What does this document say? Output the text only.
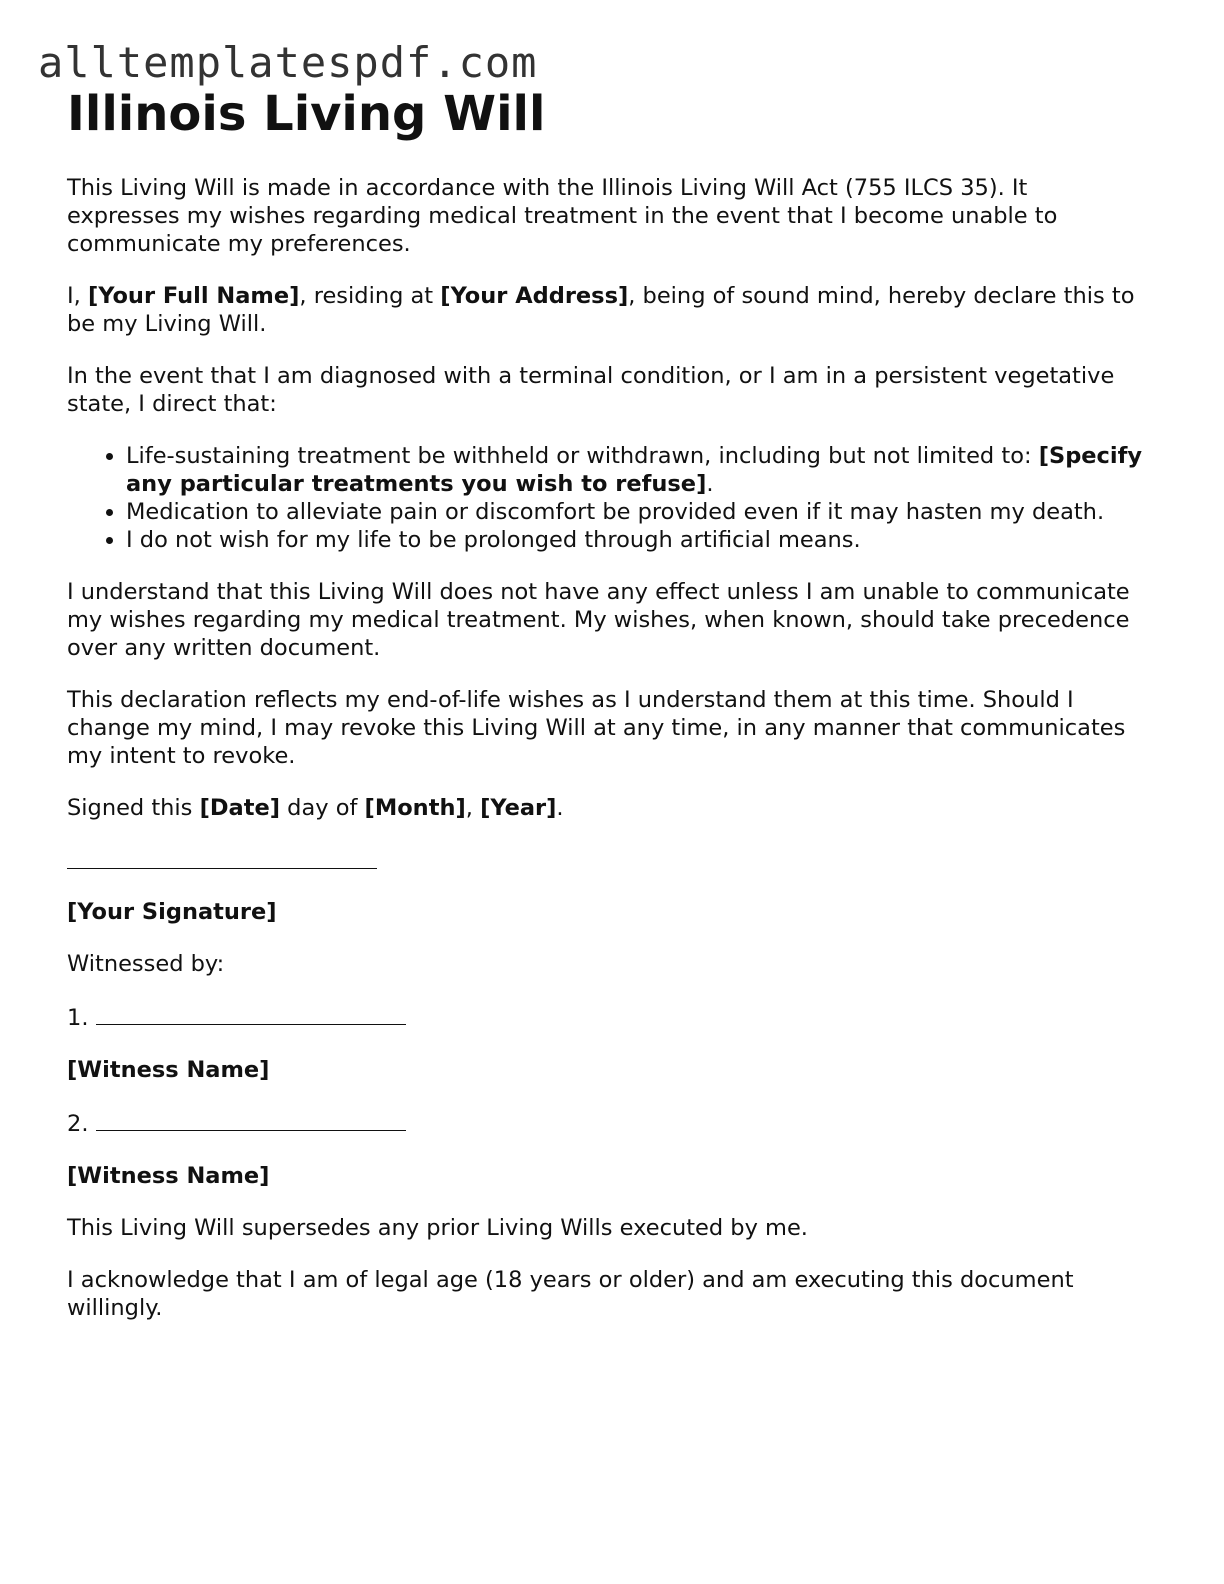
alltemplatespdf.com
Illinois Living Will

This Living Will is made in accordance with the Illinois Living Will Act (755 ILCS 35). It expresses my wishes regarding medical treatment in the event that I become unable to communicate my preferences.

I, [Your Full Name], residing at [Your Address], being of sound mind, hereby declare this to be my Living Will.

In the event that I am diagnosed with a terminal condition, or I am in a persistent vegetative state, I direct that:

• Life-sustaining treatment be withheld or withdrawn, including but not limited to: [Specify any particular treatments you wish to refuse].
• Medication to alleviate pain or discomfort be provided even if it may hasten my death.
• I do not wish for my life to be prolonged through artificial means.

I understand that this Living Will does not have any effect unless I am unable to communicate my wishes regarding my medical treatment. My wishes, when known, should take precedence over any written document.

This declaration reflects my end-of-life wishes as I understand them at this time. Should I change my mind, I may revoke this Living Will at any time, in any manner that communicates my intent to revoke.

Signed this [Date] day of [Month], [Year].

[Your Signature]

Witnessed by:

1.

[Witness Name]

2.

[Witness Name]

This Living Will supersedes any prior Living Wills executed by me.

I acknowledge that I am of legal age (18 years or older) and am executing this document willingly.
